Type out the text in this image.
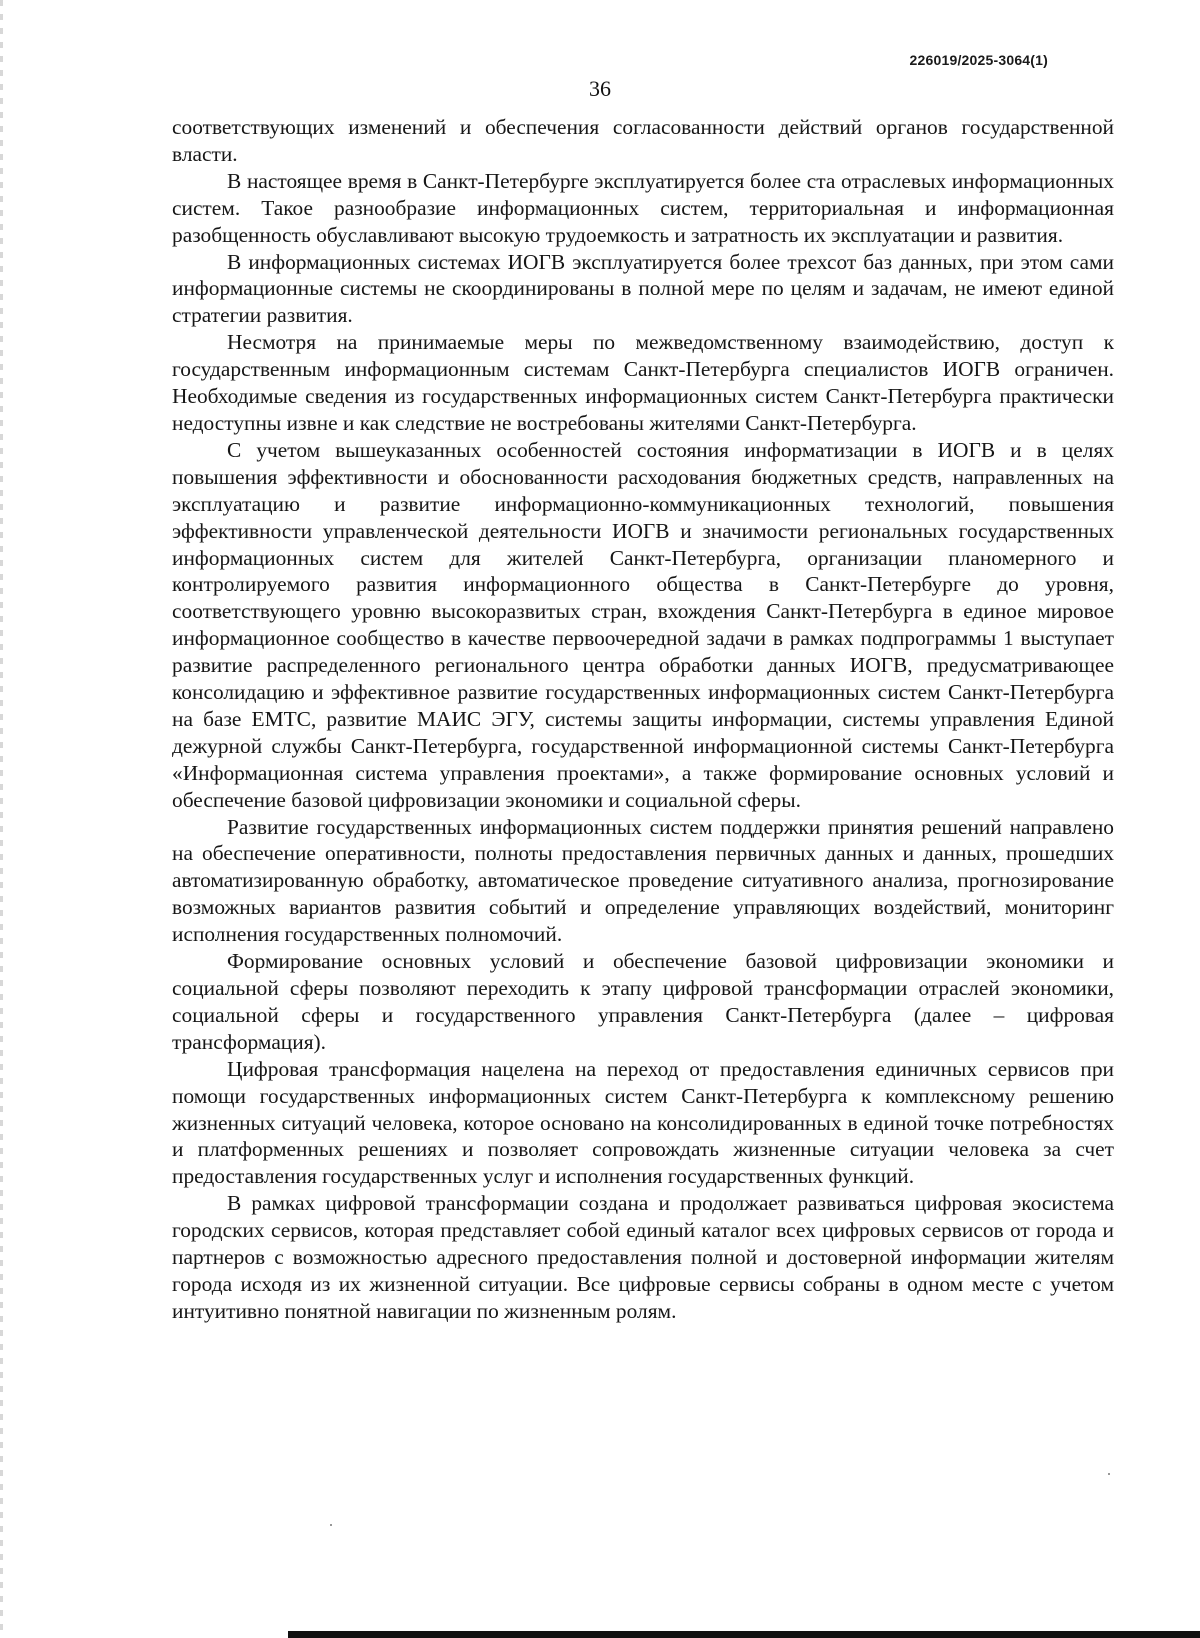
226019/2025-3064(1)
36

соответствующих изменений и обеспечения согласованности действий органов государственной власти.

В настоящее время в Санкт-Петербурге эксплуатируется более ста отраслевых информационных систем. Такое разнообразие информационных систем, территориальная и информационная разобщенность обуславливают высокую трудоемкость и затратность их эксплуатации и развития.

В информационных системах ИОГВ эксплуатируется более трехсот баз данных, при этом сами информационные системы не скоординированы в полной мере по целям и задачам, не имеют единой стратегии развития.

Несмотря на принимаемые меры по межведомственному взаимодействию, доступ к государственным информационным системам Санкт-Петербурга специалистов ИОГВ ограничен. Необходимые сведения из государственных информационных систем Санкт-Петербурга практически недоступны извне и как следствие не востребованы жителями Санкт-Петербурга.

С учетом вышеуказанных особенностей состояния информатизации в ИОГВ и в целях повышения эффективности и обоснованности расходования бюджетных средств, направленных на эксплуатацию и развитие информационно-коммуникационных технологий, повышения эффективности управленческой деятельности ИОГВ и значимости региональных государственных информационных систем для жителей Санкт-Петербурга, организации планомерного и контролируемого развития информационного общества в Санкт-Петербурге до уровня, соответствующего уровню высокоразвитых стран, вхождения Санкт-Петербурга в единое мировое информационное сообщество в качестве первоочередной задачи в рамках подпрограммы 1 выступает развитие распределенного регионального центра обработки данных ИОГВ, предусматривающее консолидацию и эффективное развитие государственных информационных систем Санкт-Петербурга на базе ЕМТС, развитие МАИС ЭГУ, системы защиты информации, системы управления Единой дежурной службы Санкт-Петербурга, государственной информационной системы Санкт-Петербурга «Информационная система управления проектами», а также формирование основных условий и обеспечение базовой цифровизации экономики и социальной сферы.

Развитие государственных информационных систем поддержки принятия решений направлено на обеспечение оперативности, полноты предоставления первичных данных и данных, прошедших автоматизированную обработку, автоматическое проведение ситуативного анализа, прогнозирование возможных вариантов развития событий и определение управляющих воздействий, мониторинг исполнения государственных полномочий.

Формирование основных условий и обеспечение базовой цифровизации экономики и социальной сферы позволяют переходить к этапу цифровой трансформации отраслей экономики, социальной сферы и государственного управления Санкт-Петербурга (далее – цифровая трансформация).

Цифровая трансформация нацелена на переход от предоставления единичных сервисов при помощи государственных информационных систем Санкт-Петербурга к комплексному решению жизненных ситуаций человека, которое основано на консолидированных в единой точке потребностях и платформенных решениях и позволяет сопровождать жизненные ситуации человека за счет предоставления государственных услуг и исполнения государственных функций.

В рамках цифровой трансформации создана и продолжает развиваться цифровая экосистема городских сервисов, которая представляет собой единый каталог всех цифровых сервисов от города и партнеров с возможностью адресного предоставления полной и достоверной информации жителям города исходя из их жизненной ситуации. Все цифровые сервисы собраны в одном месте с учетом интуитивно понятной навигации по жизненным ролям.
